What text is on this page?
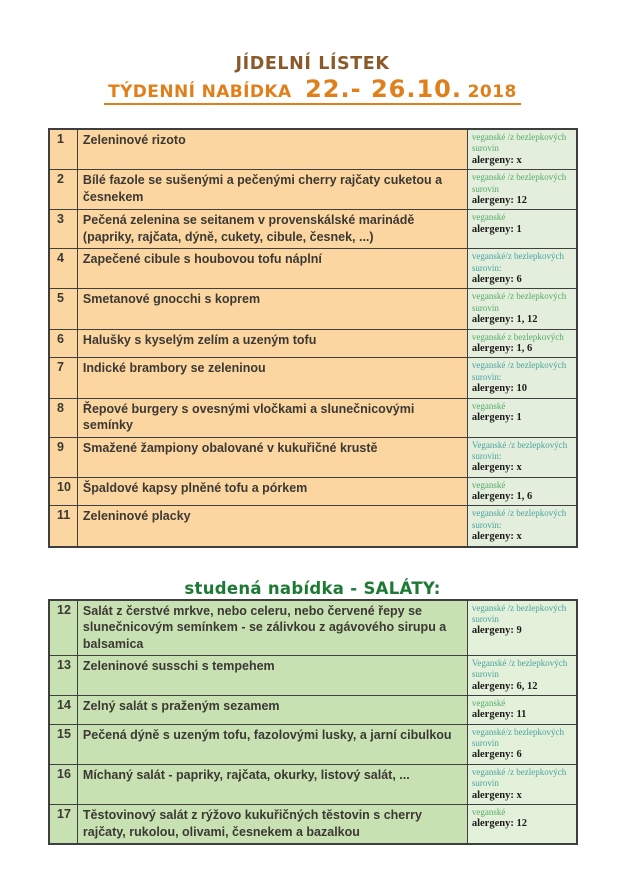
JÍDELNÍ LÍSTEK
TÝDENNÍ NABÍDKA 22.- 26.10. 2018
1	Zeleninové rizoto	veganské /z bezlepkových surovin
alergeny: x

2	Bílé fazole se sušenými a pečenými cherry rajčaty cuketou a česnekem	veganské /z bezlepkových surovin
alergeny: 12

3	Pečená zelenina se seitanem v provenskálské marinádě (papriky, rajčata, dýně, cukety, cibule, česnek, ...)	veganské
alergeny: 1

4	Zapečené cibule s houbovou tofu náplní	veganské/z bezlepkových surovin:
alergeny: 6

5	Smetanové gnocchi s koprem	veganské /z bezlepkových surovin
alergeny: 1, 12

6	Halušky s kyselým zelím a uzeným tofu	veganské z bezlepkových
alergeny: 1, 6

7	Indické brambory se zeleninou	veganské /z bezlepkových surovin:
alergeny: 10

8	Řepové burgery s ovesnými vločkami a slunečnicovými semínky	veganské
alergeny: 1

9	Smažené žampiony obalované v kukuřičné krustě	Veganské /z bezlepkových surovin:
alergeny: x

10	Špaldové kapsy plněné tofu a pórkem	veganské
alergeny: 1, 6

11	Zeleninové placky	veganské /z bezlepkových surovin:
alergeny: x
studená nabídka - SALÁTY:
12	Salát z čerstvé mrkve, nebo celeru, nebo červené řepy se slunečnicovým semínkem - se zálivkou z agávového sirupu a balsamica	veganské /z bezlepkových surovin
alergeny: 9

13	Zeleninové susschi s tempehem	Veganské /z bezlepkových surovin
alergeny: 6, 12

14	Zelný salát s praženým sezamem	veganské
alergeny: 11

15	Pečená dýně s uzeným tofu, fazolovými lusky, a jarní cibulkou	veganské/z bezlepkových surovin
alergeny: 6

16	Míchaný salát - papriky, rajčata, okurky, listový salát, ...	veganské /z bezlepkových surovin
alergeny: x

17	Těstovinový salát z rýžovo kukuřičných těstovin s cherry rajčaty, rukolou, olivami, česnekem a bazalkou	veganské
alergeny: 12
